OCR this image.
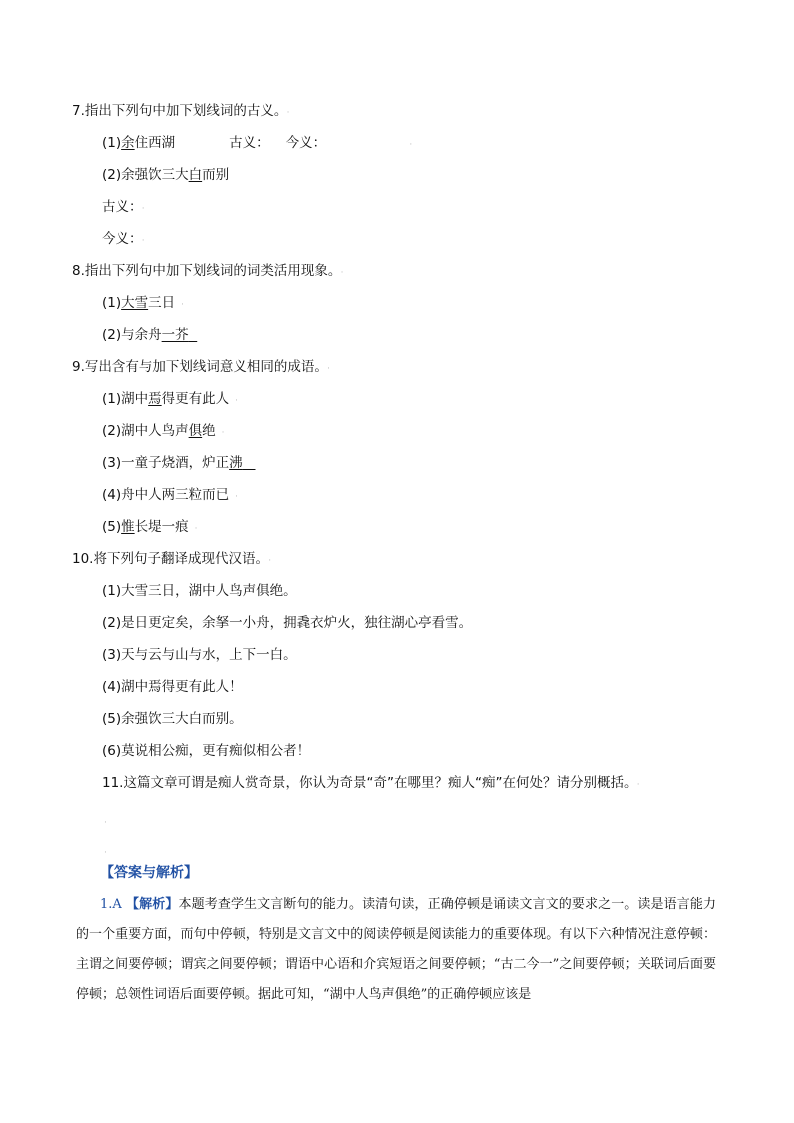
7.指出下列句中加下划线词的古义。 ·
(1)余住西湖	古义： 今义：	·
(2)余强饮三大白而别
古义： ·
今义： ·
8.指出下列句中加下划线词的词类活用现象。 ·
(1)大雪三日 ·
(2)与余舟一芥
9.写出含有与加下划线词意义相同的成语。 ·
(1)湖中焉得更有此人 ·
(2)湖中人鸟声俱绝 ·
(3)一童子烧酒，炉正沸
(4)舟中人两三粒而已 ·
(5)惟长堤一痕 ·
10.将下列句子翻译成现代汉语。 ·
(1)大雪三日，湖中人鸟声俱绝。
(2)是日更定矣，余拏一小舟，拥毳衣炉火，独往湖心亭看雪。
(3)天与云与山与水，上下一白。
(4)湖中焉得更有此人！
(5)余强饮三大白而别。
(6)莫说相公痴，更有痴似相公者！
11.这篇文章可谓是痴人赏奇景，你认为奇景“奇”在哪里？痴人“痴”在何处？请分别概括。 ·
·
·
【答案与解析】
1.A 【解析】本题考查学生文言断句的能力。读清句读，正确停顿是诵读文言文的要求之一。读是语言能力的一个重要方面，而句中停顿，特别是文言文中的阅读停顿是阅读能力的重要体现。有以下六种情况注意停顿：主谓之间要停顿；谓宾之间要停顿；谓语中心语和介宾短语之间要停顿；“古二今一”之间要停顿；关联词后面要停顿；总领性词语后面要停顿。据此可知，“湖中人鸟声俱绝”的正确停顿应该是
